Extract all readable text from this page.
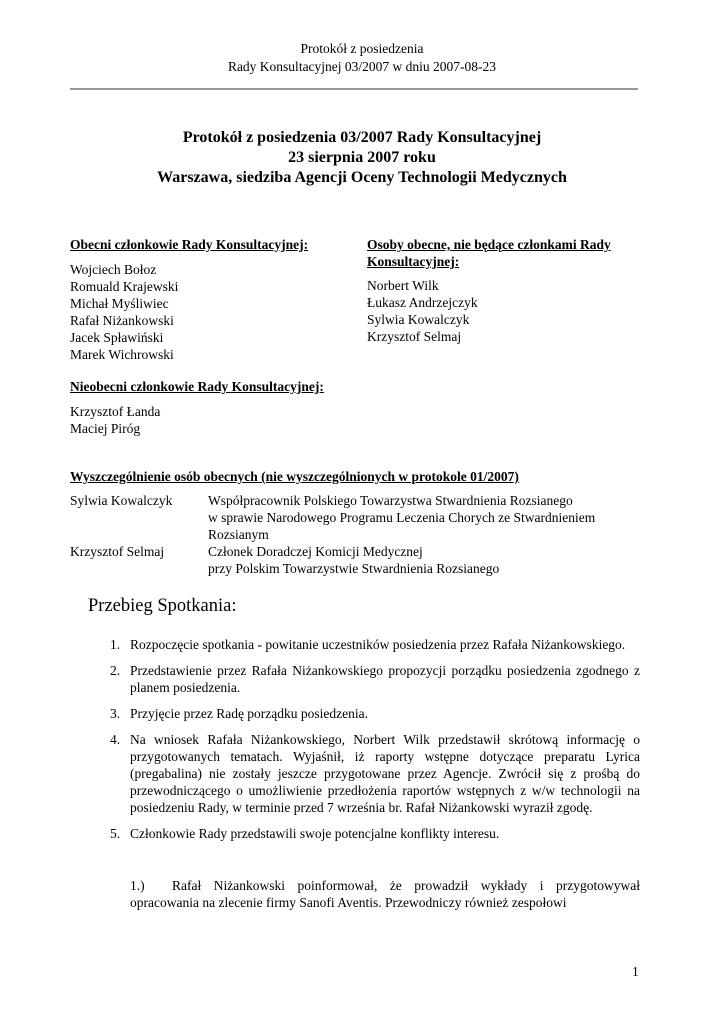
Protokół z posiedzenia
Rady Konsultacyjnej 03/2007 w dniu 2007-08-23
Protokół z posiedzenia 03/2007 Rady Konsultacyjnej
23 sierpnia 2007 roku
Warszawa, siedziba Agencji Oceny Technologii Medycznych
Obecni członkowie Rady Konsultacyjnej:
Wojciech Bołoz
Romuald Krajewski
Michał Myśliwiec
Rafał Niżankowski
Jacek Spławiński
Marek Wichrowski
Osoby obecne, nie będące członkami Rady Konsultacyjnej:
Norbert Wilk
Łukasz Andrzejczyk
Sylwia Kowalczyk
Krzysztof Selmaj
Nieobecni członkowie Rady Konsultacyjnej:
Krzysztof Łanda
Maciej Piróg
Wyszczególnienie osób obecnych (nie wyszczególnionych w protokole 01/2007)
Sylwia Kowalczyk	Współpracownik Polskiego Towarzystwa Stwardnienia Rozsianego
w sprawie Narodowego Programu Leczenia Chorych ze Stwardnieniem
Rozsianym
Krzysztof Selmaj	Członek Doradczej Komicji Medycznej
przy Polskim Towarzystwie Stwardnienia Rozsianego
Przebieg Spotkania:
1. Rozpoczęcie spotkania - powitanie uczestników posiedzenia przez Rafała Niżankowskiego.
2. Przedstawienie przez Rafała Niżankowskiego propozycji porządku posiedzenia zgodnego z planem posiedzenia.
3. Przyjęcie przez Radę porządku posiedzenia.
4. Na wniosek Rafała Niżankowskiego, Norbert Wilk przedstawił skrótową informację o przygotowanych tematach. Wyjaśnił, iż raporty wstępne dotyczące preparatu Lyrica (pregabalina) nie zostały jeszcze przygotowane przez Agencje. Zwrócił się z prośbą do przewodniczącego o umożliwienie przedłożenia raportów wstępnych z w/w technologii na posiedzeniu Rady, w terminie przed 7 września br. Rafał Niżankowski wyraził zgodę.
5. Członkowie Rady przedstawili swoje potencjalne konflikty interesu.
1.) Rafał Niżankowski poinformował, że prowadził wykłady i przygotowywał opracowania na zlecenie firmy Sanofi Aventis. Przewodniczy również zespołowi
1
